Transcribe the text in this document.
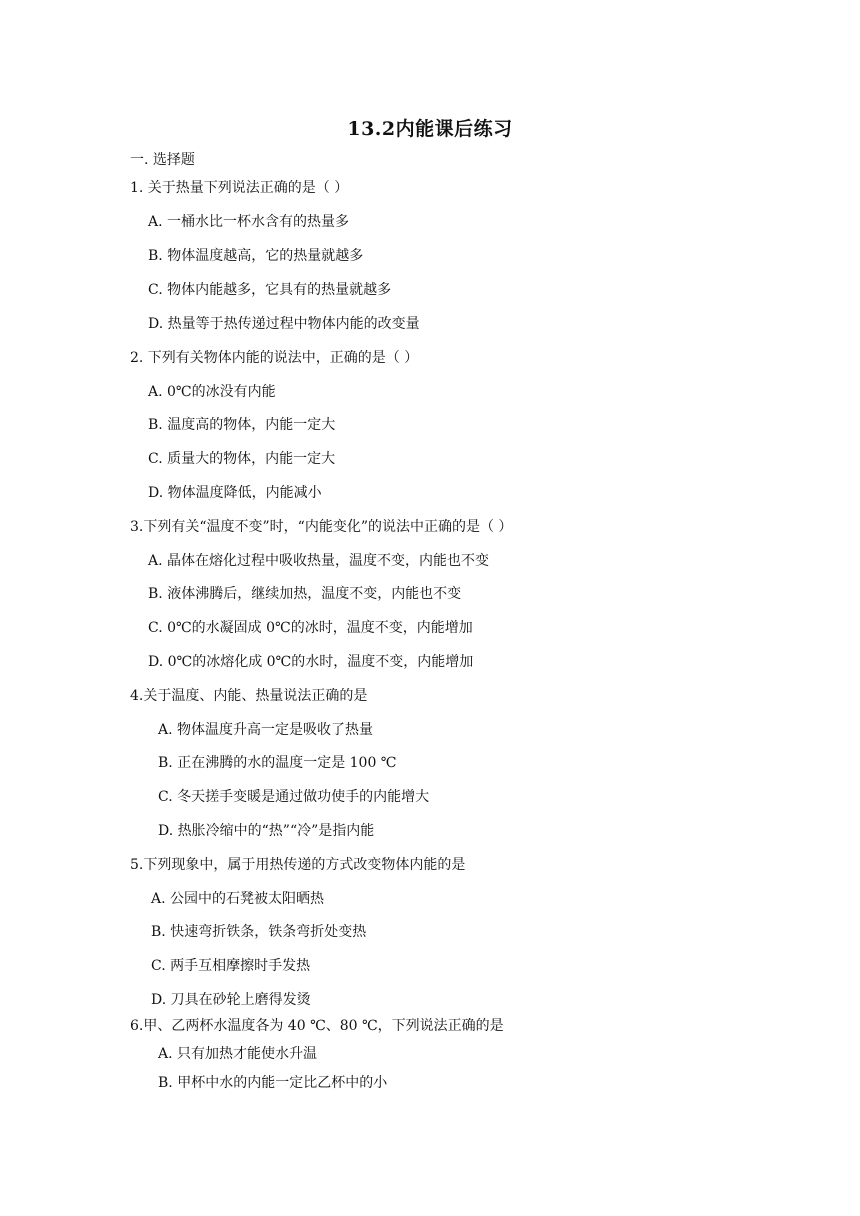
13.2内能课后练习
一. 选择题
1. 关于热量下列说法正确的是（ ）
A. 一桶水比一杯水含有的热量多
B. 物体温度越高，它的热量就越多
C. 物体内能越多，它具有的热量就越多
D. 热量等于热传递过程中物体内能的改变量
2. 下列有关物体内能的说法中，正确的是（ ）
A. 0℃的冰没有内能
B. 温度高的物体，内能一定大
C. 质量大的物体，内能一定大
D. 物体温度降低，内能减小
3.下列有关“温度不变”时，“内能变化”的说法中正确的是（ ）
A. 晶体在熔化过程中吸收热量，温度不变，内能也不变
B. 液体沸腾后，继续加热，温度不变，内能也不变
C. 0℃的水凝固成 0℃的冰时，温度不变，内能增加
D. 0℃的冰熔化成 0℃的水时，温度不变，内能增加
4.关于温度、内能、热量说法正确的是
A. 物体温度升高一定是吸收了热量
B. 正在沸腾的水的温度一定是 100 ℃
C. 冬天搓手变暖是通过做功使手的内能增大
D. 热胀冷缩中的“热”“冷”是指内能
5.下列现象中，属于用热传递的方式改变物体内能的是
A. 公园中的石凳被太阳晒热
B. 快速弯折铁条，铁条弯折处变热
C. 两手互相摩擦时手发热
D. 刀具在砂轮上磨得发烫
6.甲、乙两杯水温度各为 40 ℃、80 ℃，下列说法正确的是
A. 只有加热才能使水升温
B. 甲杯中水的内能一定比乙杯中的小
